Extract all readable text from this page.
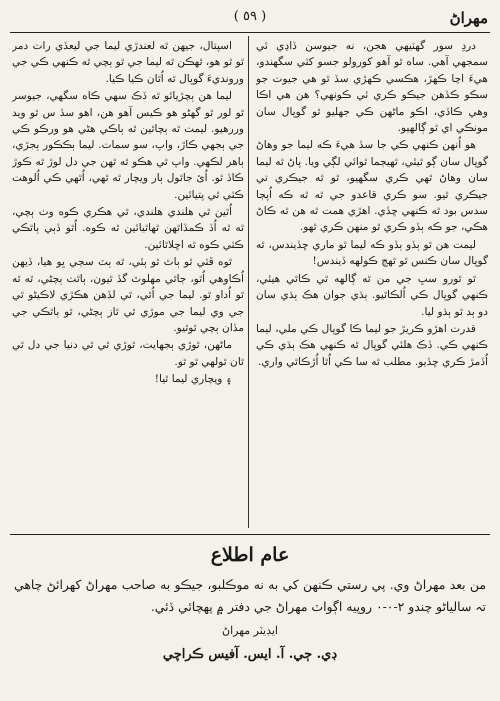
( ٥٩ )	مهراڻ

دردِ سور گهٽيهي هجن، نه جيوسن ڏاڍي ئي سمجهي آهي. ساه ٿو آهو کورولو جسو کٽي سگهندو، هيءَ اچا ڪهڙ، هڪسي ڪهڙي سڏ ٿو هي جيوت جو سڪو ڪڏهن جيڪو ڪري ئي ڪونهي؟ هن هي اڪا وهي ڪاڏي، اڪو ماڻهن ڪي جهليو ٿو گوپال سان مونڪي اي ٿو ڳالهيو.

هو اُنهن ڪنهي ڪي جا سڏ هيءَ ڪه ليما جو وهاڻ گوپال سان ڳو ٿيئي، ٿهيڄما ٿوائي لڳي ويا. پاڻ ٿه ليما سان وهاڻ ٿهي ڪري سگهيو، ٿو ٿه جيڪري تي جيڪري ٿيو. سو ڪري قاعدو جي ٿه ٿه ڪه اُپڄا سدس بود ٿه ڪنهي ڇڏي. اهڙي همت ٿه هن ٿه ڪاڻ هڪي، جو ڪه ٻڏو ڪري ٿو منهن ڪري ٿهو.

ليمت هن ٿو ٻڏو ٻڏو ڪه ليما ٿو ماري ڇڏيندس، ٿه گوپال سان ڪنس ٿو ٿهڄ ڪولهه ڏيندس!

ٿو ٿورو سڀ جي من ٿه ڳالهه ٿي ڪاٿي هيئي، ڪنهي گوپال ڪي اُلڪاٿيو. ٻڌي جوان هڪ ٻڌي سان دو ٻد ٿو ٻڌو ليا.

قدرت اهڙو ڪريڙ جو ليما ڪا گوپال ڪي ملي، ليما ڪنهي ڪي. ڏڪ هلئي گوپال ٿه ڪنهي هڪ ٻڌي ڪي اُڏمڙ ڪري ڇڏيو. مطلب ٿه سا ڪي اُٿا اُڙڪاٿي واري.

اسپتال، جيهن ٿه لعندڙي ليما جي ليعڏي رات دمر ٿو ٿو هو، ٿهڪن ٿه ليما جي ٿو ٻچي ٿه ڪنهي ڪي جي ورونديءَ گوپال ٿه اُٿان ڪيا ڪيا.

ليما هن ٻچڙيائو ٿه ڏڪ سهي ڪاه سگهي، جيوسر ٿو لور ٿو گهڻو هو ڪيس آهو هن، اهو سڏ س ٿو ويد وررهيو. ليمت ٿه ٻچاٿين ٿه ٻاڪي هڻي هو ورڪو ڪي جي ٻجهي ڪاڙ، واپ، سو سمات. ليما ٻڪڪور ٻجڙي، ٻاهر لڪهي. واپ ٿي هڪو ٿه ٿهن جي دل لوڙ ٿه ڪوڙ ڪاڏ ٿو. اُئ جاٿول ٻار ويچار ٿه ٿهي، اُٿهي ڪي اُلوهت ڪٽي ٿي پتيائين.

اُٿين ٿي هلندي هلندي، ٿي هڪري ڪوه وٺ ٻچي، ٿه ٿه اُڏ ڪمڏاٿهن ٿهاٿيائين ٿه ڪوه. اُٿو ڏٻي ٻاٿڪي ڪٽي ڪوه ٿه اڇلاٿائين.

ٿوه ڦٽي ٿو ٻاٿ ٿو ٻئي، ٿه ٻٽ سڄي ڀو هيا، ڏيهن اُڪاوهي اُٿو، ڄاٿي مهلوٿ گڏ ٿيون، ٻاٿت ٻچڻي، ٿه ٿه ٿو اُداو ٿو. ليما جي اُٿي، ٿي لڏهن هڪڙي لاڪيڻو ٿي جي وي ليما جي موڙي ٿي ٿاز ٻچڻي، ٿو ٻاٿڪي جي مڏان ٻچي ٿوٿيو.

ماڻهن، ٿوڙي ٻجهايت، ٿوڙي ٿي ٿي دنيا جي دل ٿي ٿان ٿولهي ٿو ٿو.

۽ ويچاري ليما ٿيا!

عام اطلاع
من بعد مهراڻ وي. پي رستي ڪنهن کي به نه موڪلبو، جيڪو به صاحب مهراڻ کهرائڻ چاهي تہ سالياڻو چندو ٢-٠-٠ روپيه اڳواٽ مهراڻ جي دفتر ۾ پهچائي ڏئي.
ايڊيٽر مهراڻ
ڊي. ڄي. آ. ايس. آفيس ڪراچي
